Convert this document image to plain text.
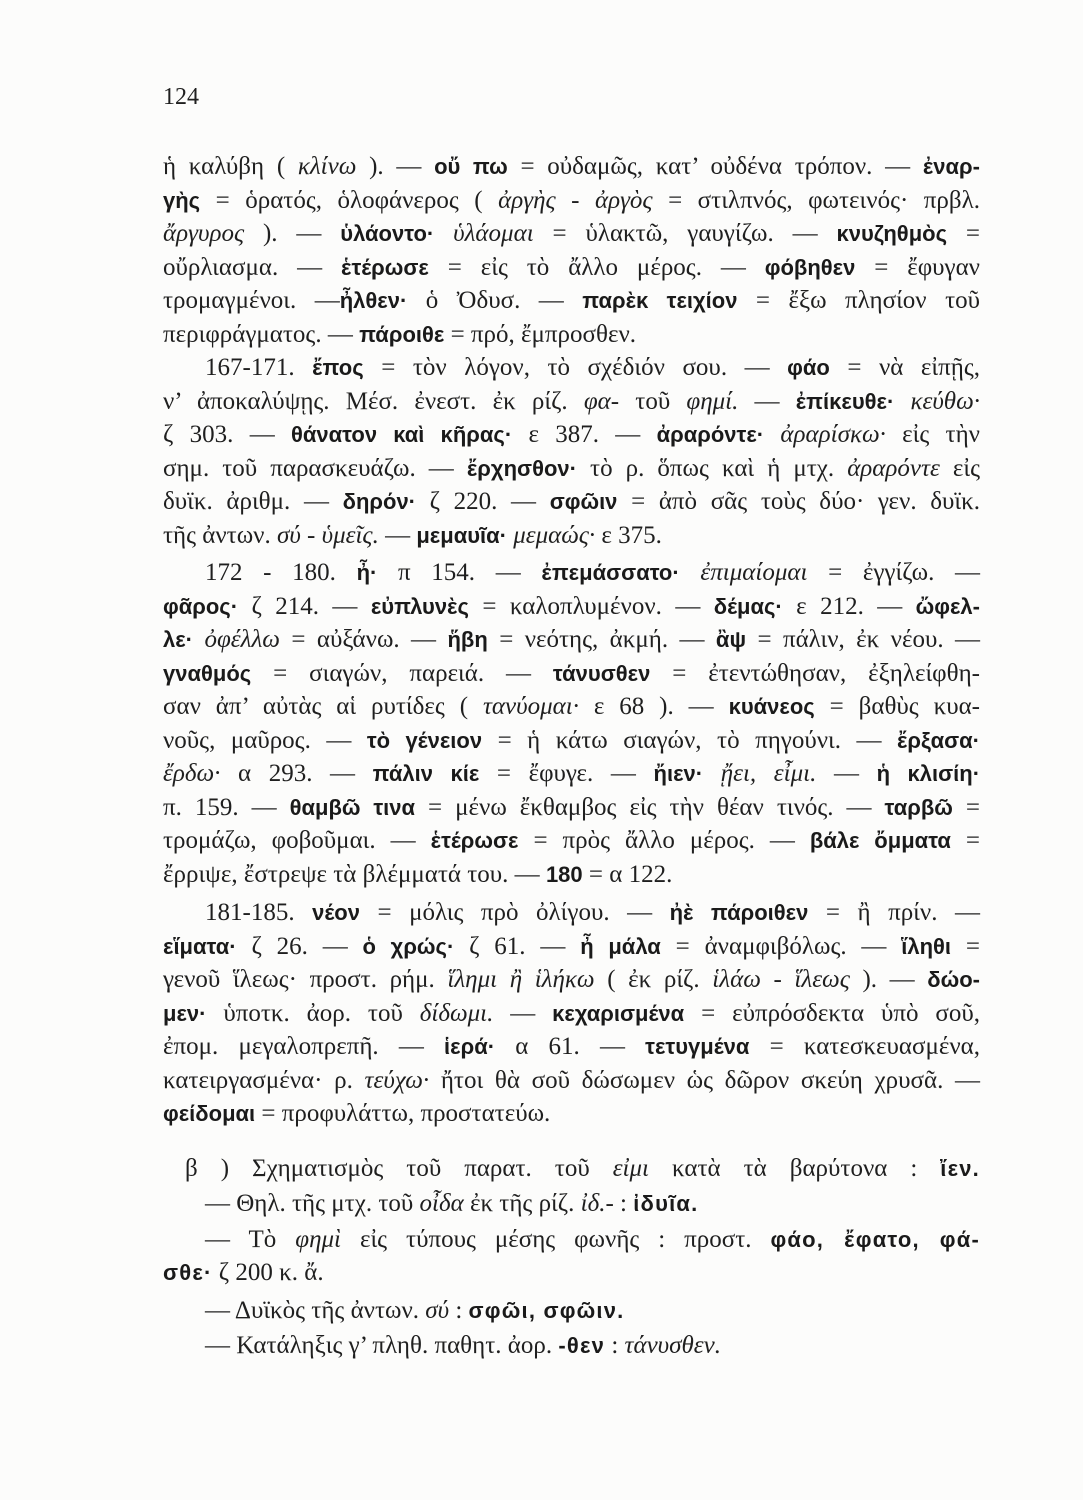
124
ἡ καλύβη ( κλίνω ). — οὔ πω = οὐδαμῶς, κατ’ οὐδένα τρόπον. — ἐναρ-
γὴς = ὁρατός, ὁλοφάνερος ( ἀργὴς - ἀργὸς = στιλπνός, φωτεινός· πρβλ.
ἄργυρος ). — ὑλάοντο· ὑλάομαι = ὑλακτῶ, γαυγίζω. — κνυζηθμὸς =
οὔρλιασμα. — ἑτέρωσε = εἰς τὸ ἄλλο μέρος. — φόβηθεν = ἔφυγαν
τρομαγμένοι. —ἦλθεν· ὁ Ὀδυσ. — παρὲκ τειχίον = ἔξω πλησίον τοῦ
περιφράγματος. — πάροιθε = πρό, ἔμπροσθεν.
167-171. ἔπος = τὸν λόγον, τὸ σχέδιόν σου. — φάο = νὰ εἰπῇς,
ν’ ἀποκαλύψῃς. Μέσ. ἐνεστ. ἐκ ρίζ. φα- τοῦ φημί. — ἐπίκευθε· κεύθω·
ζ 303. — θάνατον καὶ κῆρας· ε 387. — ἀραρόντε· ἀραρίσκω· εἰς τὴν
σημ. τοῦ παρασκευάζω. — ἔρχησθον· τὸ ρ. ὅπως καὶ ἡ μτχ. ἀραρόντε εἰς
δυϊκ. ἀριθμ. — δηρόν· ζ 220. — σφῶιν = ἀπὸ σᾶς τοὺς δύο· γεν. δυϊκ.
τῆς ἀντων. σύ - ὑμεῖς. — μεμαυῖα· μεμαώς· ε 375.
172 - 180. ἦ· π 154. — ἐπεμάσσατο· ἐπιμαίομαι = ἐγγίζω. —
φᾶρος· ζ 214. — εὐπλυνὲς = καλοπλυμένον. — δέμας· ε 212. — ὤφελ-
λε· ὀφέλλω = αὐξάνω. — ἥβη = νεότης, ἀκμή. — ἂψ = πάλιν, ἐκ νέου. —
γναθμός = σιαγών, παρειά. — τάνυσθεν = ἐτεντώθησαν, ἐξηλείφθη-
σαν ἀπ’ αὐτὰς αἱ ρυτίδες ( τανύομαι· ε 68 ). — κυάνεος = βαθὺς κυα-
νοῦς, μαῦρος. — τὸ γένειον = ἡ κάτω σιαγών, τὸ πηγούνι. — ἔρξασα·
ἔρδω· α 293. — πάλιν κίε = ἔφυγε. — ἤιεν· ᾔει, εἶμι. — ἡ κλισίη·
π. 159. — θαμβῶ τινα = μένω ἔκθαμβος εἰς τὴν θέαν τινός. — ταρβῶ =
τρομάζω, φοβοῦμαι. — ἑτέρωσε = πρὸς ἄλλο μέρος. — βάλε ὄμματα =
ἔρριψε, ἔστρεψε τὰ βλέμματά του. — 180 = α 122.
181-185. νέον = μόλις πρὸ ὀλίγου. — ἠὲ πάροιθεν = ἢ πρίν. —
εἵματα· ζ 26. — ὁ χρώς· ζ 61. — ἦ μάλα = ἀναμφιβόλως. — ἵληθι =
γενοῦ ἵλεως· προστ. ρήμ. ἵλημι ἢ ἱλήκω ( ἐκ ρίζ. ἱλάω - ἵλεως ). — δώο-
μεν· ὑποτκ. ἀορ. τοῦ δίδωμι. — κεχαρισμένα = εὐπρόσδεκτα ὑπὸ σοῦ,
ἐπομ. μεγαλοπρεπῆ. — ἱερά· α 61. — τετυγμένα = κατεσκευασμένα,
κατειργασμένα· ρ. τεύχω· ἤτοι θὰ σοῦ δώσωμεν ὡς δῶρον σκεύη χρυσᾶ. —
φείδομαι = προφυλάττω, προστατεύω.
β ) Σχηματισμὸς τοῦ παρατ. τοῦ εἰμι κατὰ τὰ βαρύτονα : ἴεν.
— Θηλ. τῆς μτχ. τοῦ οἶδα ἐκ τῆς ρίζ. ἰδ.- : ἰδυῖα.
— Τὸ φημὶ εἰς τύπους μέσης φωνῆς : προστ. φάο, ἔφατο, φά-
σθε· ζ 200 κ. ἄ.
— Δυϊκὸς τῆς ἀντων. σύ : σφῶι, σφῶιν.
— Κατάληξις γ’ πληθ. παθητ. ἀορ. -θεν : τάνυσθεν.
